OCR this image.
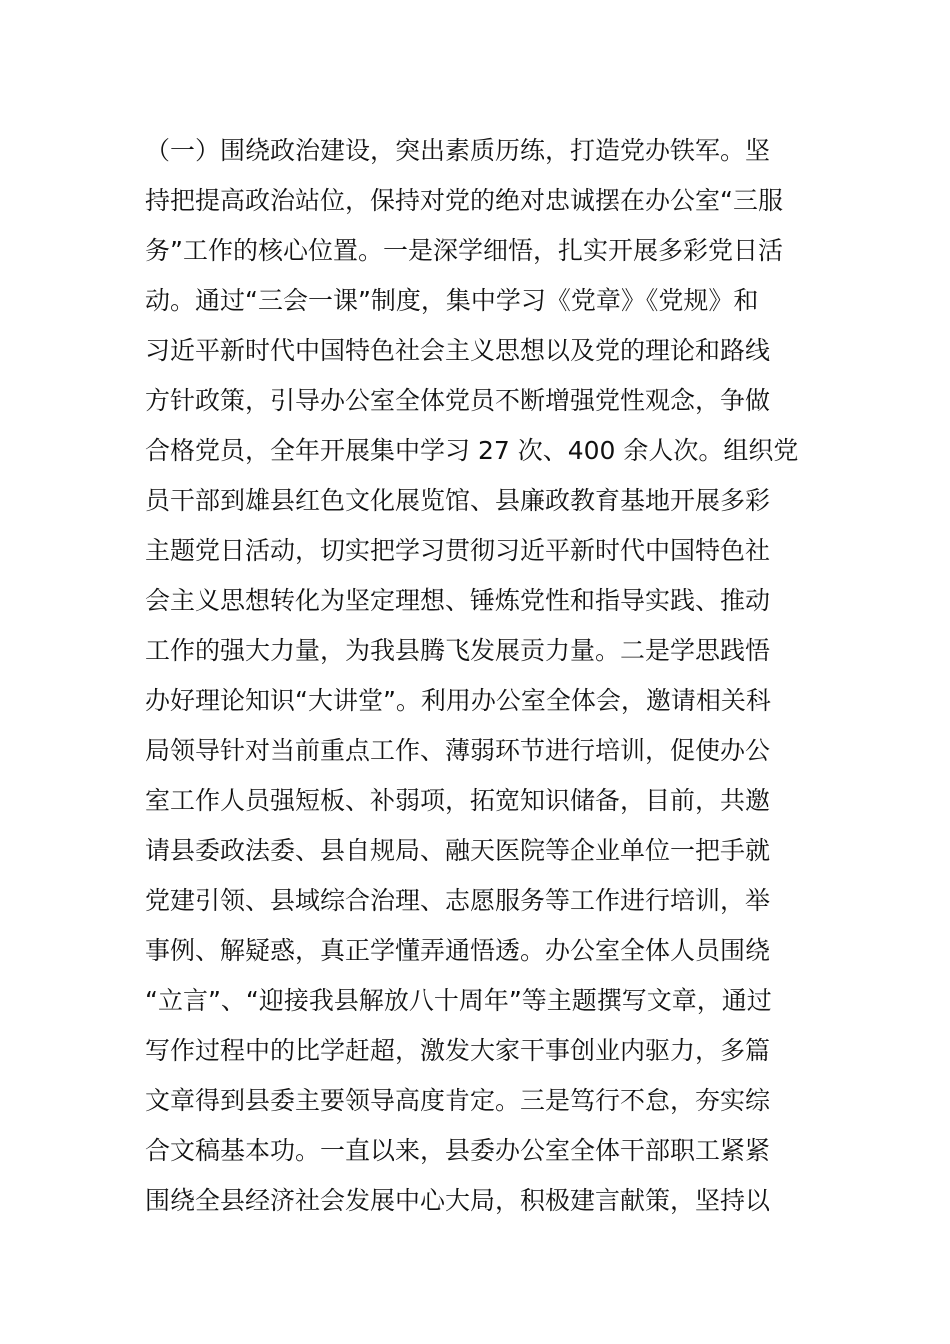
（一）围绕政治建设，突出素质历练，打造党办铁军。坚
持把提高政治站位，保持对党的绝对忠诚摆在办公室“三服
务”工作的核心位置。一是深学细悟，扎实开展多彩党日活
动。通过“三会一课”制度，集中学习《党章》《党规》和
习近平新时代中国特色社会主义思想以及党的理论和路线
方针政策，引导办公室全体党员不断增强党性观念，争做
合格党员，全年开展集中学习 27 次、400 余人次。组织党
员干部到雄县红色文化展览馆、县廉政教育基地开展多彩
主题党日活动，切实把学习贯彻习近平新时代中国特色社
会主义思想转化为坚定理想、锤炼党性和指导实践、推动
工作的强大力量，为我县腾飞发展贡力量。二是学思践悟
办好理论知识“大讲堂”。利用办公室全体会，邀请相关科
局领导针对当前重点工作、薄弱环节进行培训，促使办公
室工作人员强短板、补弱项，拓宽知识储备，目前，共邀
请县委政法委、县自规局、融天医院等企业单位一把手就
党建引领、县域综合治理、志愿服务等工作进行培训，举
事例、解疑惑，真正学懂弄通悟透。办公室全体人员围绕
“立言”、“迎接我县解放八十周年”等主题撰写文章，通过
写作过程中的比学赶超，激发大家干事创业内驱力，多篇
文章得到县委主要领导高度肯定。三是笃行不怠，夯实综
合文稿基本功。一直以来，县委办公室全体干部职工紧紧
围绕全县经济社会发展中心大局，积极建言献策，坚持以
